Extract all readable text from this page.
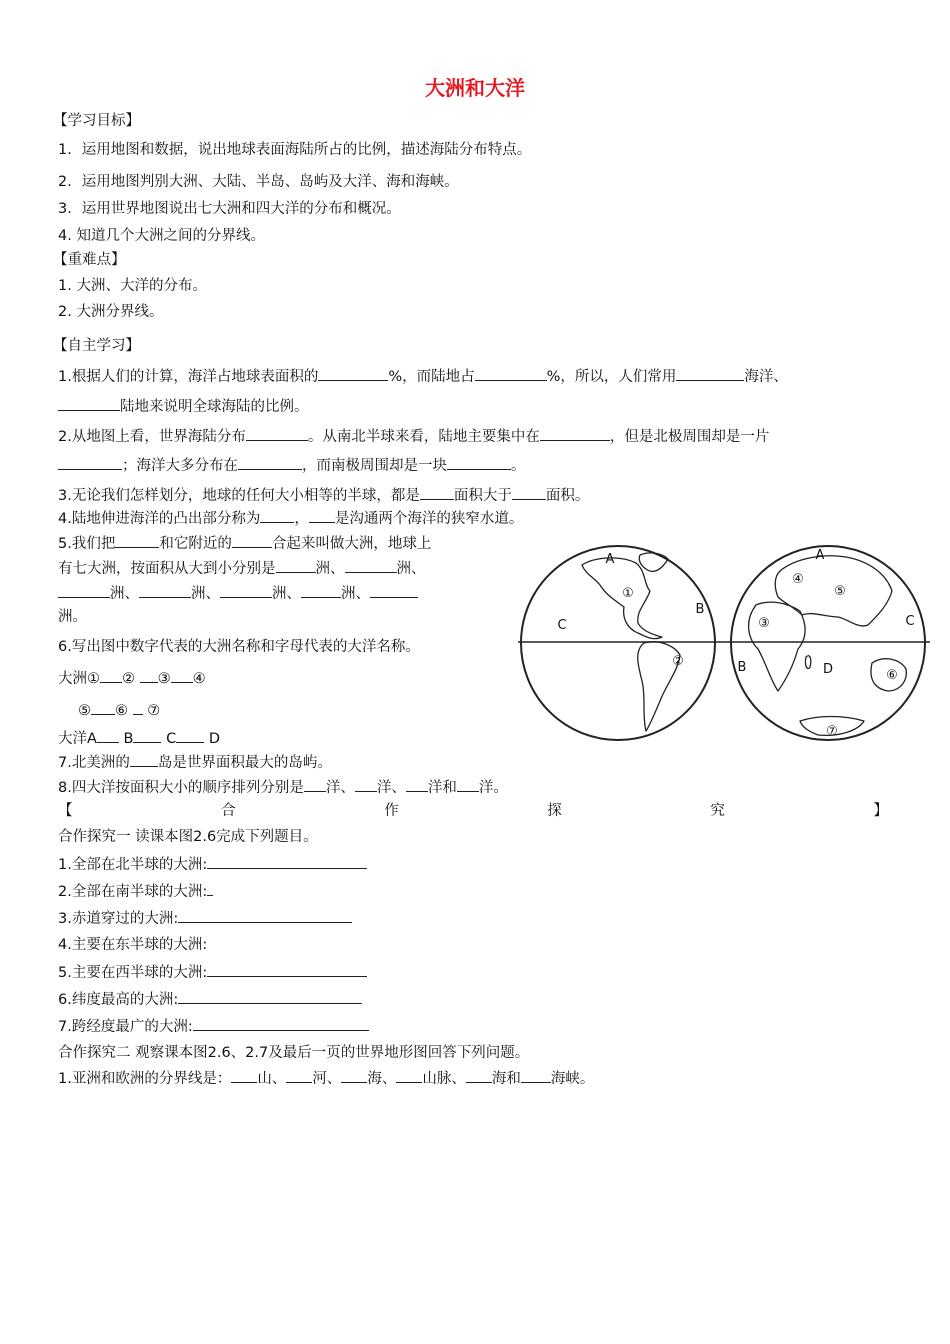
大洲和大洋
【学习目标】
1．运用地图和数据，说出地球表面海陆所占的比例，描述海陆分布特点。
2．运用地图判别大洲、大陆、半岛、岛屿及大洋、海和海峡。
3．运用世界地图说出七大洲和四大洋的分布和概况。
4. 知道几个大洲之间的分界线。
【重难点】
1. 大洲、大洋的分布。
2. 大洲分界线。
【自主学习】
1.根据人们的计算，海洋占地球表面积的	%，而陆地占	%，所以，人们常用	海洋、
陆地来说明全球海陆的比例。
2.从地图上看，世界海陆分布	。从南北半球来看，陆地主要集中在	，但是北极周围却是一片
；海洋大多分布在	，而南极周围却是一块	。
3.无论我们怎样划分，地球的任何大小相等的半球，都是 面积大于 面积。
4.陆地伸进海洋的凸出部分称为 ， 是沟通两个海洋的狭窄水道。
5.我们把	和它附近的	合起来叫做大洲，地球上
有七大洲，按面积从大到小分别是	洲、	洲、
洲、	洲、	洲、	洲、
洲。
6.写出图中数字代表的大洲名称和字母代表的大洋名称。
大洲① ② ③ ④
⑤ ⑥ ⑦
大洋A B C D
7.北美洲的 岛是世界面积最大的岛屿。
8.四大洋按面积大小的顺序排列分别是 洋、 洋、 洋和 洋。
【	合	作	探	究	】
合作探究一 读课本图2.6完成下列题目。
1.全部在北半球的大洲:
2.全部在南半球的大洲:
3.赤道穿过的大洲:
4.主要在东半球的大洲:
5.主要在西半球的大洲:
6.纬度最高的大洲:
7.跨经度最广的大洲:
合作探究二 观察课本图2.6、2.7及最后一页的世界地形图回答下列问题。
1.亚洲和欧洲的分界线是： 山、 河、 海、 山脉、 海和 海峡。
A
B
C
①
②
A
B
C
D
④
⑤
③
⑥
⑦
